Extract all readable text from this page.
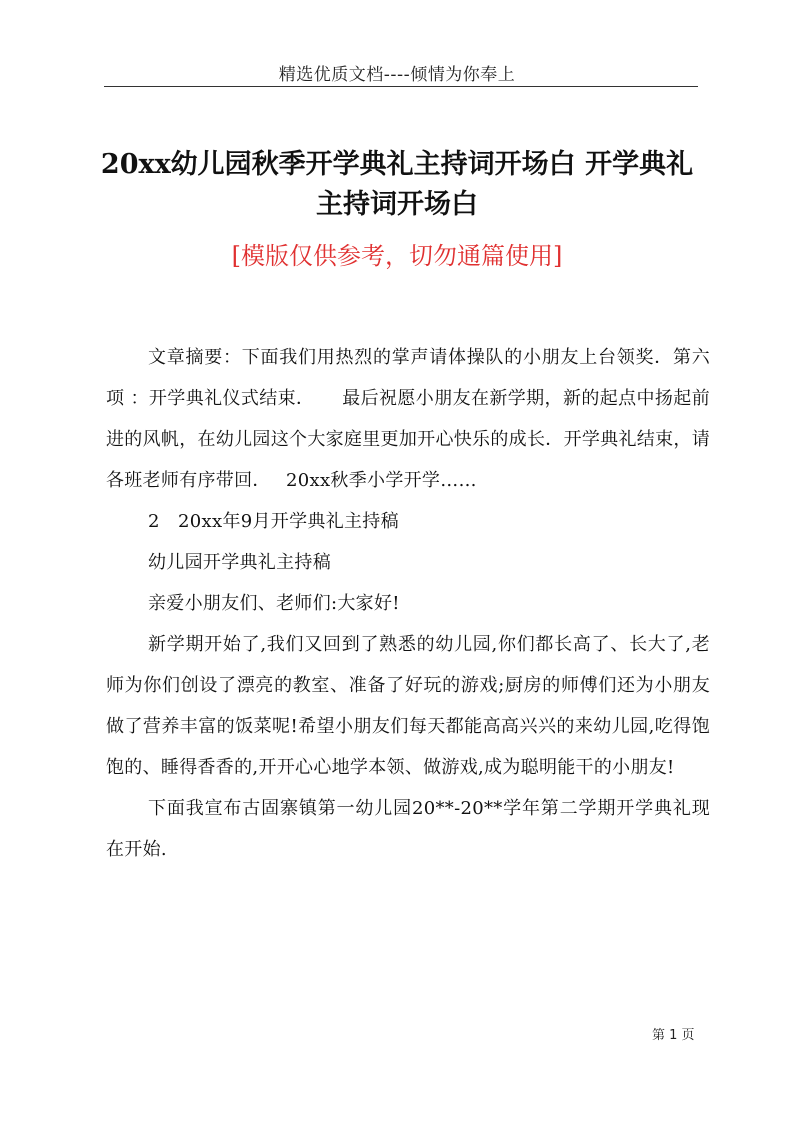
精选优质文档----倾情为你奉上
20xx幼儿园秋季开学典礼主持词开场白 开学典礼主持词开场白
[模版仅供参考，切勿通篇使用]

文章摘要：下面我们用热烈的掌声请体操队的小朋友上台领奖．第六项 ：开学典礼仪式结束．　　最后祝愿小朋友在新学期，新的起点中扬起前进的风帆，在幼儿园这个大家庭里更加开心快乐的成长．开学典礼结束，请各班老师有序带回．　 20xx秋季小学开学……

2　20xx年9月开学典礼主持稿

幼儿园开学典礼主持稿

亲爱小朋友们、老师们:大家好!

新学期开始了,我们又回到了熟悉的幼儿园,你们都长高了、长大了,老师为你们创设了漂亮的教室、准备了好玩的游戏;厨房的师傅们还为小朋友做了营养丰富的饭菜呢!希望小朋友们每天都能高高兴兴的来幼儿园,吃得饱饱的、睡得香香的,开开心心地学本领、做游戏,成为聪明能干的小朋友!

下面我宣布古固寨镇第一幼儿园20**-20**学年第二学期开学典礼现在开始.

第 1 页
